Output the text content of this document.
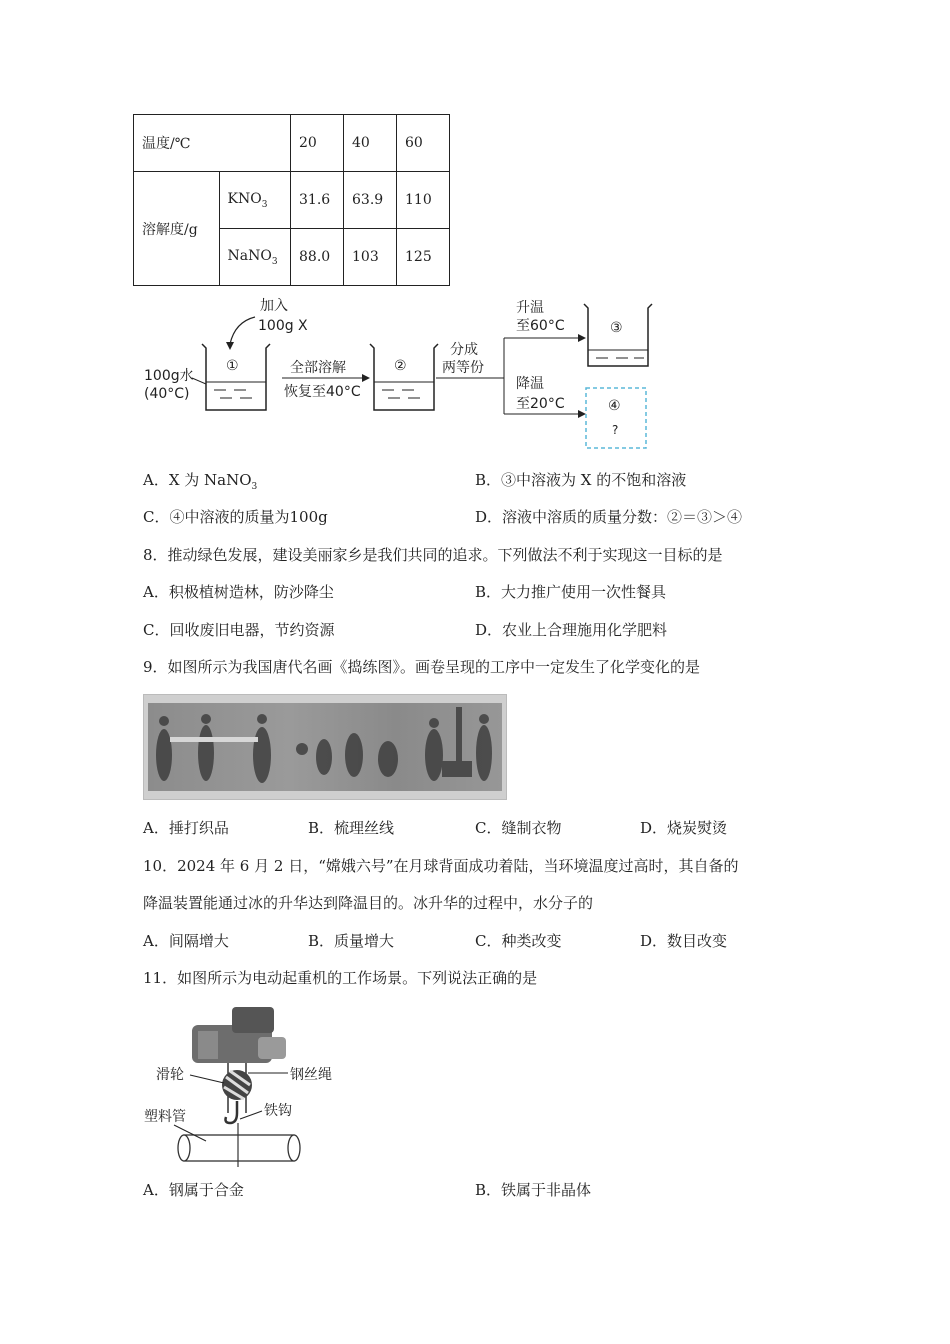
温度/℃		20	40	60
溶解度/g	$KNO_3$	31.6	63.9	110
	NaNO$_3$	88.0	103	125
加入
100g X
100g水
(40°C)
①	全部溶解
恢复至40°C
②
分成
两等份
升温
至60°C
降温
至20°C
③
④
?
A．X 为 NaNO$_3$	B．③中溶液为 X 的不饱和溶液
C．④中溶液的质量为100g	D．溶液中溶质的质量分数：②＝③＞④
8．推动绿色发展，建设美丽家乡是我们共同的追求。下列做法不利于实现这一目标的是
A．积极植树造林，防沙降尘	B．大力推广使用一次性餐具
C．回收废旧电器，节约资源	D．农业上合理施用化学肥料
9．如图所示为我国唐代名画《捣练图》。画卷呈现的工序中一定发生了化学变化的是
A．捶打织品	B．梳理丝线	C．缝制衣物	D．烧炭熨烫
10．2024 年 6 月 2 日，“嫦娥六号”在月球背面成功着陆，当环境温度过高时，其自备的
降温装置能通过冰的升华达到降温目的。冰升华的过程中，水分子的
A．间隔增大	B．质量增大	C．种类改变	D．数目改变
11．如图所示为电动起重机的工作场景。下列说法正确的是
滑轮	钢丝绳
铁钩
塑料管
A．钢属于合金	B．铁属于非晶体
